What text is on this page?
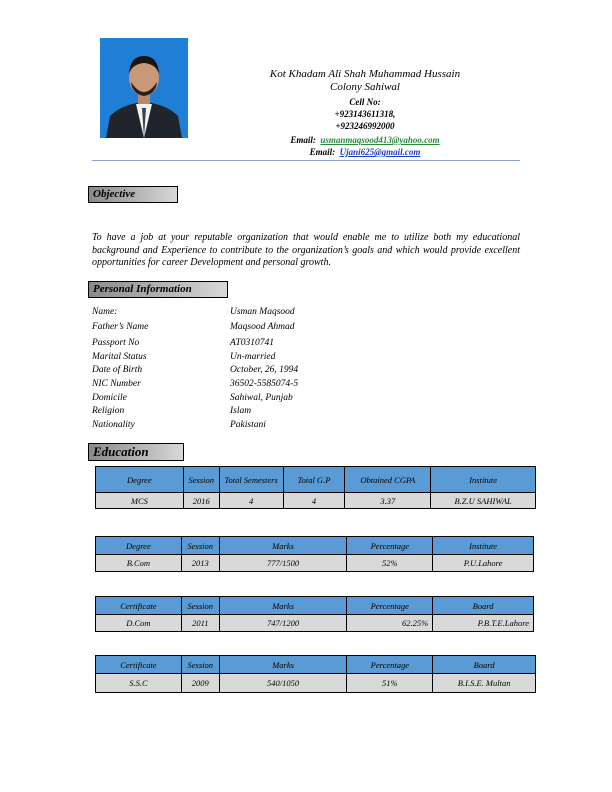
Kot Khadam Ali Shah Muhammad Hussain
Colony Sahiwal
Cell No:
+923143611318,
+923246992000
Email: usmanmaqsood413@yahoo.com
Email: Ujani625@gmail.com
Objective
To have a job at your reputable organization that would enable me to utilize both my educational background and Experience to contribute to the organization’s goals and which would provide excellent opportunities for career Development and personal growth.
Personal Information
Name:	Usman Maqsood
Father’s Name	Maqsood Ahmad
Passport No	AT0310741
Marital Status	Un-married
Date of Birth	October, 26, 1994
NIC Number	36502-5585074-5
Domicile	Sahiwal, Punjab
Religion	Islam
Nationality	Pakistani
Education
Degree	Session	Total Semesters	Total G.P	Obtained CGPA	Institute
MCS	2016	4	4	3.37	B.Z.U SAHIWAL
Degree	Session	Marks	Percentage	Institute
B.Com	2013	777/1500	52%	P.U.Lahore
Certificate	Session	Marks	Percentage	Board
D.Com	2011	747/1200	62.25%	P.B.T.E.Lahore
Certificate	Session	Marks	Percentage	Board
S.S.C	2009	540/1050	51%	B.I.S.E. Multan
